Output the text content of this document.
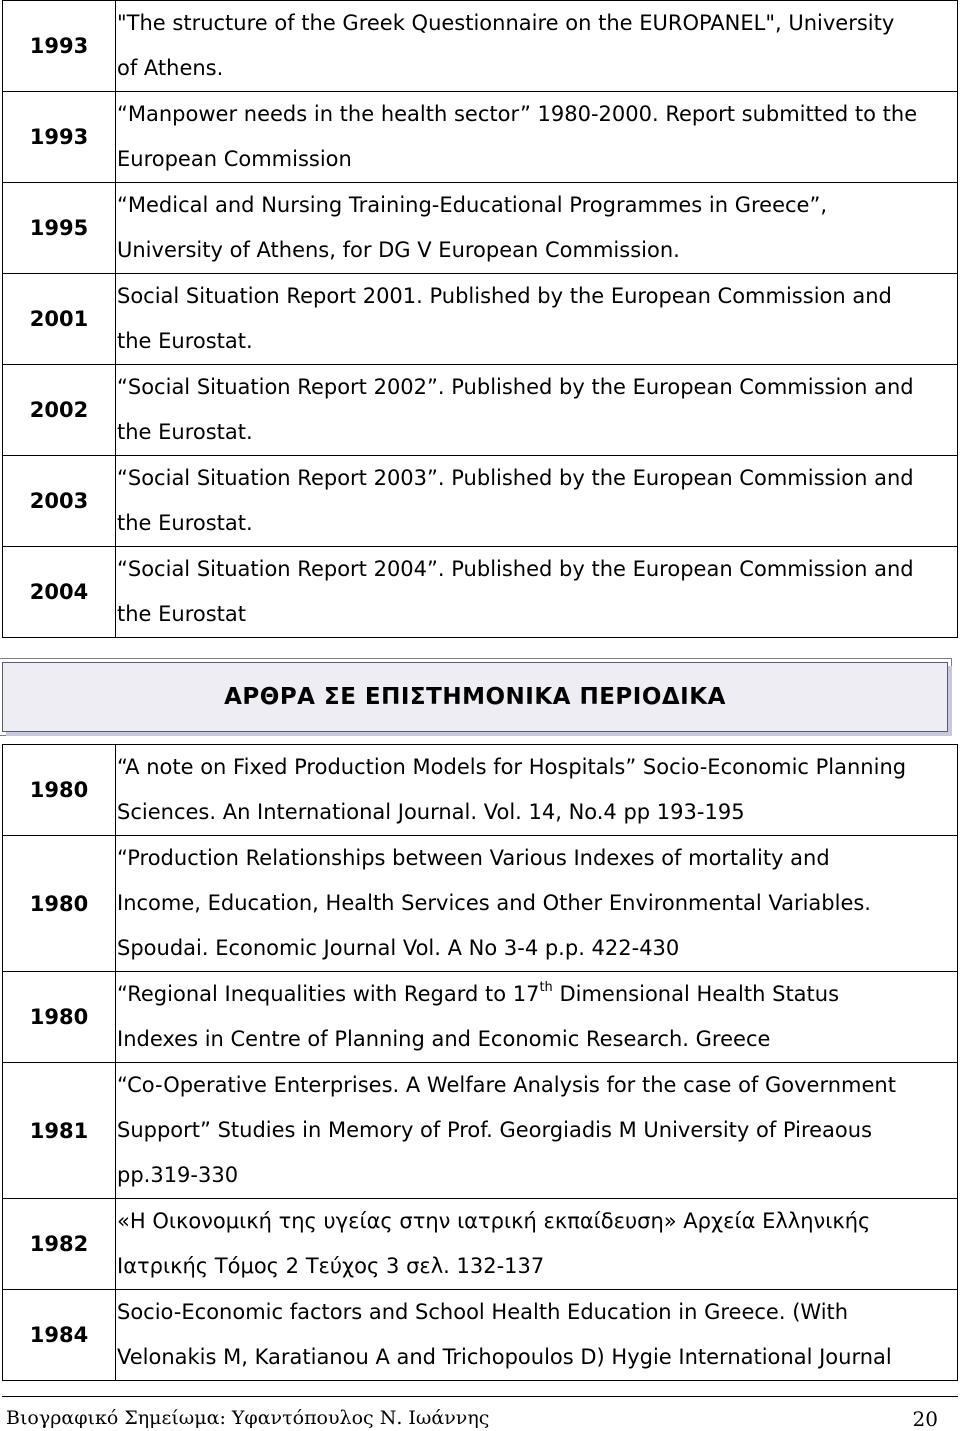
1993	"The structure of the Greek Questionnaire on the EUROPANEL", University
of Athens.

1993	“Manpower needs in the health sector” 1980-2000. Report submitted to the
European Commission

1995	“Medical and Nursing Training-Educational Programmes in Greece”,
University of Athens, for DG V European Commission.

2001	Social Situation Report 2001. Published by the European Commission and
the Eurostat.

2002	“Social Situation Report 2002”. Published by the European Commission and
the Eurostat.

2003	“Social Situation Report 2003”. Published by the European Commission and
the Eurostat.

2004	“Social Situation Report 2004”. Published by the European Commission and
the Eurostat
ΑΡΘΡΑ ΣΕ ΕΠΙΣΤΗΜΟΝΙΚΑ ΠΕΡΙΟΔΙΚΑ
1980	“A note on Fixed Production Models for Hospitals” Socio-Economic Planning
Sciences. An International Journal. Vol. 14, No.4 pp 193-195

1980	“Production Relationships between Various Indexes of mortality and
Income, Education, Health Services and Other Environmental Variables.
Spoudai. Economic Journal Vol. A No 3-4 p.p. 422-430

1980	“Regional Inequalities with Regard to 17th Dimensional Health Status
Indexes in Centre of Planning and Economic Research. Greece

1981	“Co-Operative Enterprises. A Welfare Analysis for the case of Government
Support” Studies in Memory of Prof. Georgiadis M University of Pireaous
pp.319-330

1982	«Η Οικονομική της υγείας στην ιατρική εκπαίδευση» Αρχεία Ελληνικής
Ιατρικής Τόμος 2 Τεύχος 3 σελ. 132-137

1984	Socio-Economic factors and School Health Education in Greece. (With
Velonakis M, Karatianou A and Trichopoulos D) Hygie International Journal
Βιογραφικό Σημείωμα: Υφαντόπουλος Ν. Ιωάννης	20
